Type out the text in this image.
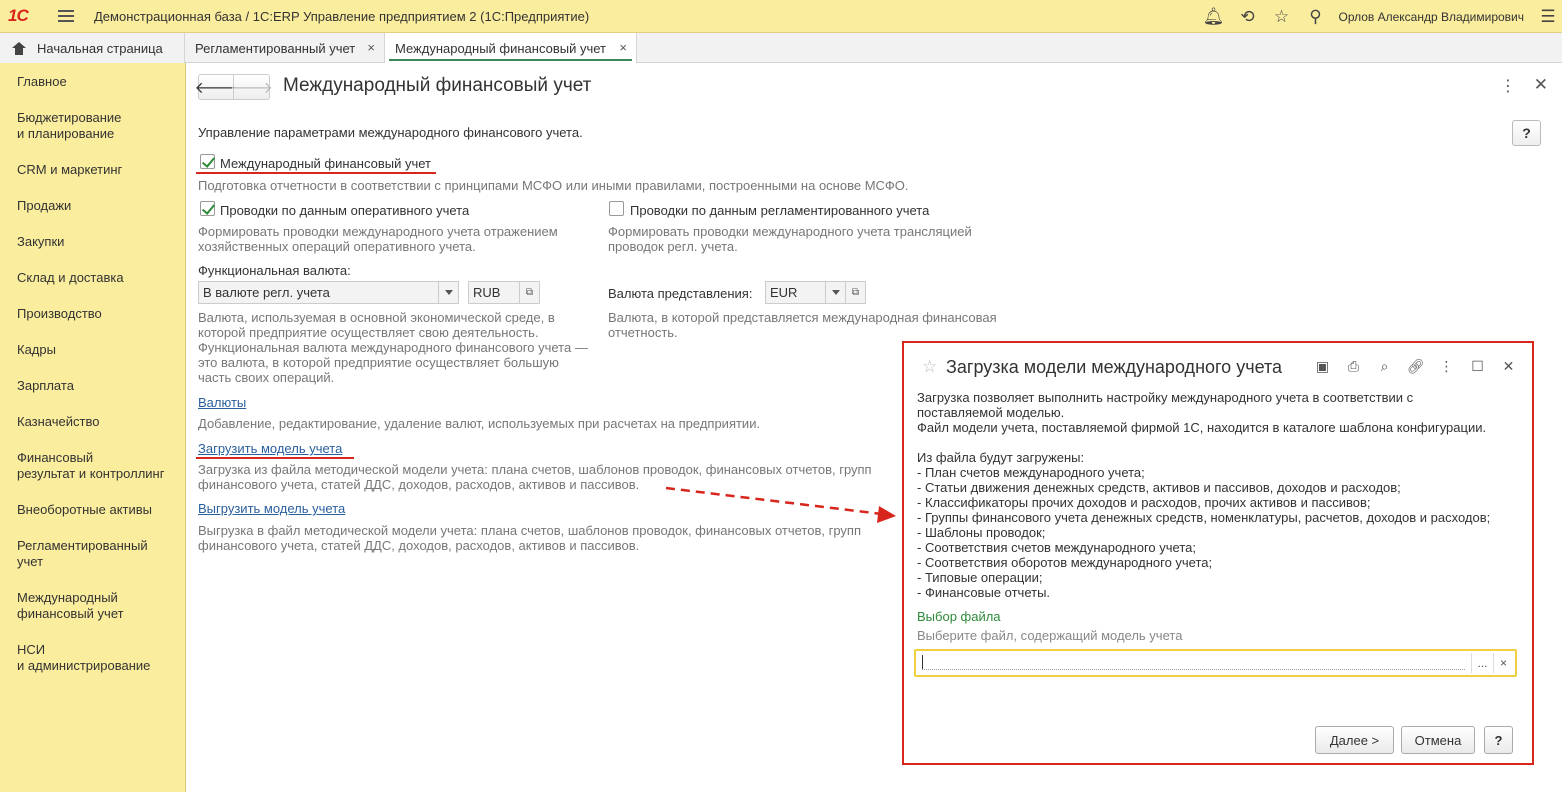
1С	Демонстрационная база / 1С:ERP Управление предприятием 2 (1С:Предприятие)	🔔︎ ⟲	☆	⚲	Орлов Александр Владимирович ☰
Начальная страница Регламентированный учет × Международный финансовый учет ×
Главное
Бюджетирование
и планирование
CRM и маркетинг
Продажи
Закупки
Склад и доставка
Производство
Кадры
Зарплата
Казначейство
Финансовый
результат и контроллинг
Внеоборотные активы
Регламентированный
учет
Международный
финансовый учет
НСИ
и администрирование
🡐
🡒 Международный финансовый учет	⋮ ✕
?
Управление параметрами международного финансового учета.
Международный финансовый учет
Подготовка отчетности в соответствии с принципами МСФО или иными правилами, построенными на основе МСФО.
Проводки по данным оперативного учета
Формировать проводки международного учета отражением
хозяйственных операций оперативного учета.
Проводки по данным регламентированного учета
Формировать проводки международного учета трансляцией
проводок регл. учета.
Функциональная валюта:
В валюте регл. учета	RUB	⧉	Валюта представления:	EUR	⧉
Валюта, используемая в основной экономической среде, в
которой предприятие осуществляет свою деятельность.
Функциональная валюта международного финансового учета —
это валюта, в которой предприятие осуществляет большую
часть своих операций.
Валюта, в которой представляется международная финансовая
отчетность.
Валюты
Добавление, редактирование, удаление валют, используемых при расчетах на предприятии.
Загрузить модель учета
Загрузка из файла методической модели учета: плана счетов, шаблонов проводок, финансовых отчетов, групп
финансового учета, статей ДДС, доходов, расходов, активов и пассивов.
Выгрузить модель учета
Выгрузка в файл методической модели учета: плана счетов, шаблонов проводок, финансовых отчетов, групп
финансового учета, статей ДДС, доходов, расходов, активов и пассивов.
☆ Загрузка модели международного учета	▣	⎙	⌕	🔗︎	⋮	☐	✕
Загрузка позволяет выполнить настройку международного учета в соответствии с
поставляемой моделью.
Файл модели учета, поставляемой фирмой 1С, находится в каталоге шаблона конфигурации.
Из файла будут загружены:
- План счетов международного учета;
- Статьи движения денежных средств, активов и пассивов, доходов и расходов;
- Классификаторы прочих доходов и расходов, прочих активов и пассивов;
- Группы финансового учета денежных средств, номенклатуры, расчетов, доходов и расходов;
- Шаблоны проводок;
- Соответствия счетов международного учета;
- Соответствия оборотов международного учета;
- Типовые операции;
- Финансовые отчеты.
Выбор файла
Выберите файл, содержащий модель учета
...	×
Далее >	Отмена	?
